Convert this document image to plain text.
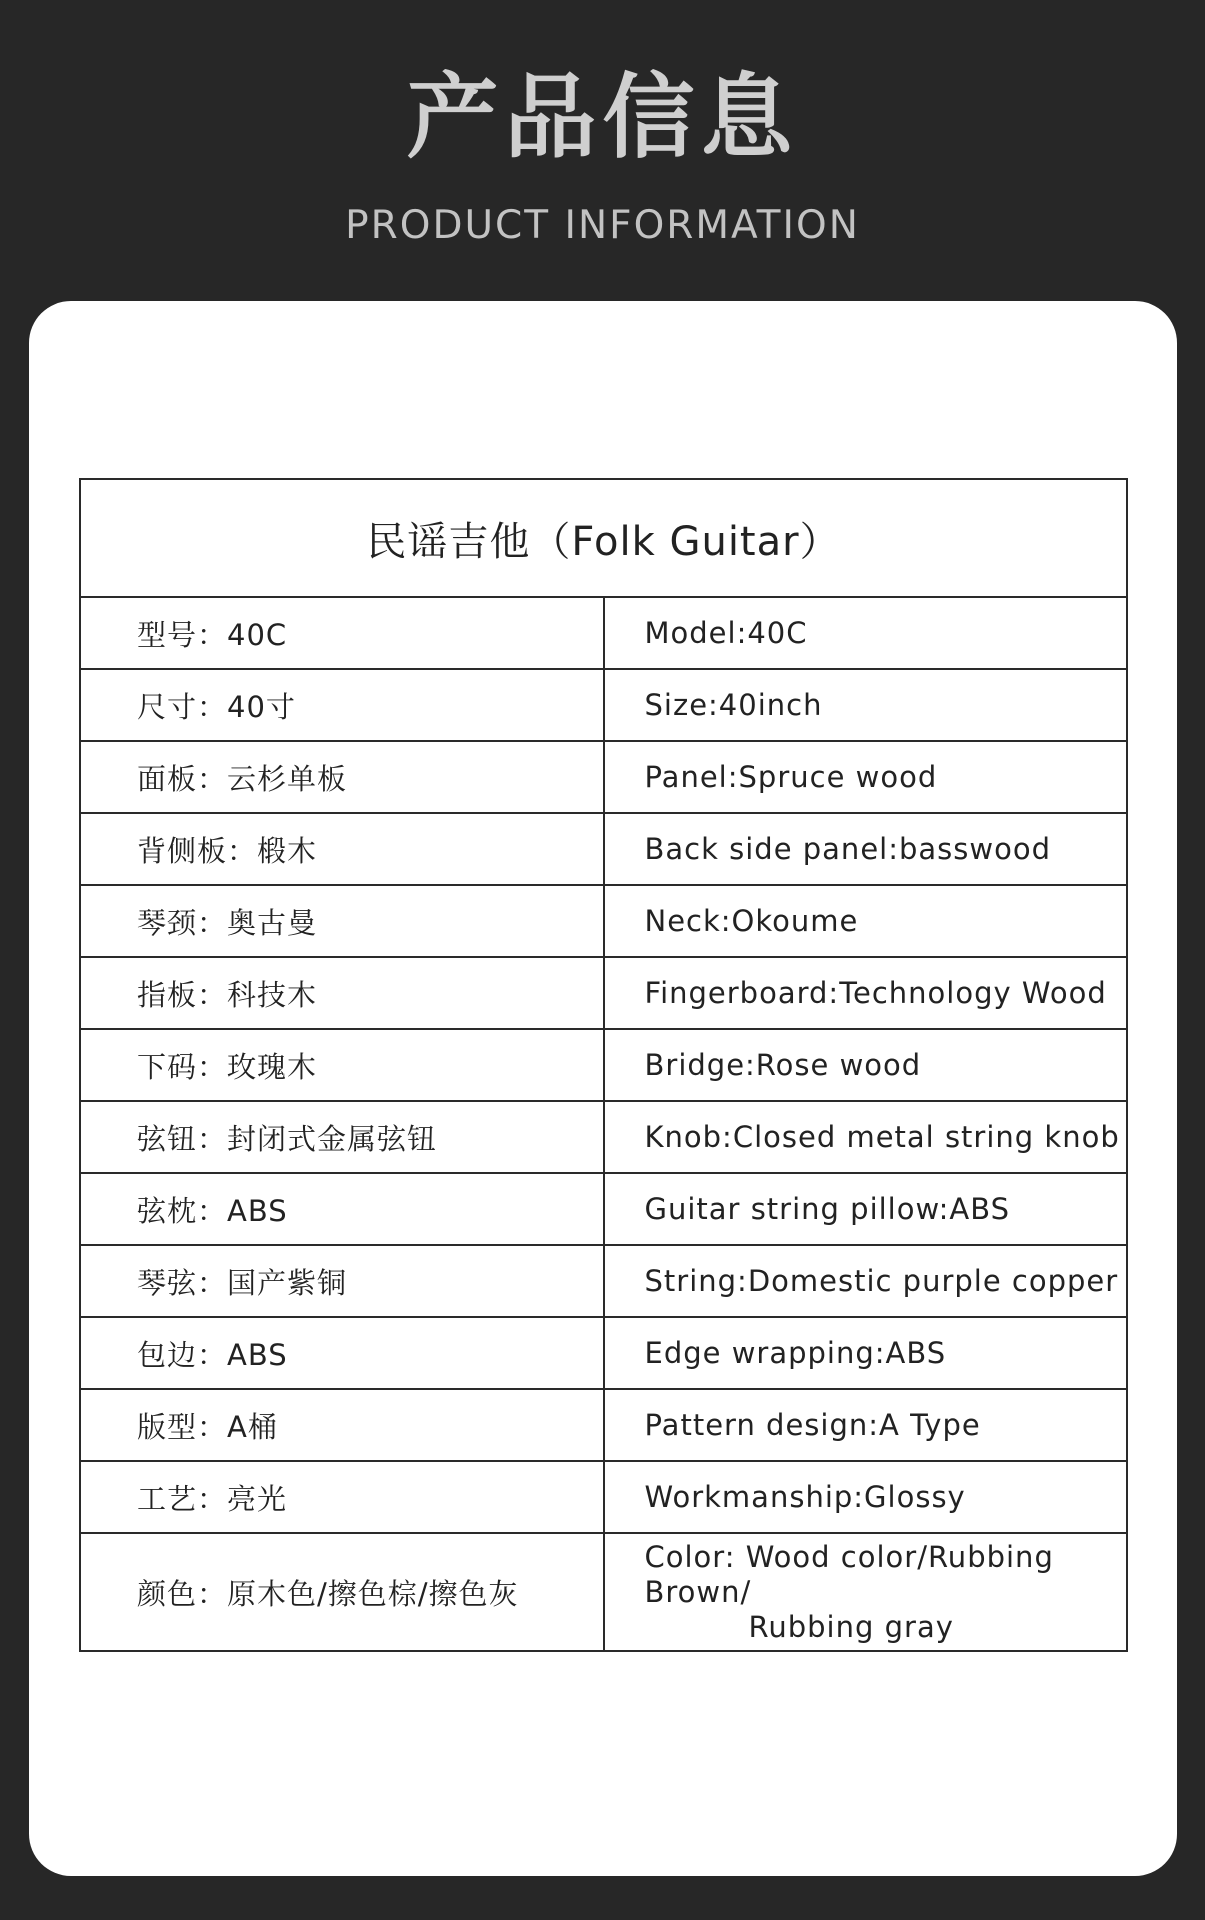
产品信息
PRODUCT INFORMATION
民谣吉他（Folk Guitar）	
型号：40C	Model:40C
尺寸：40寸	Size:40inch
面板：云杉单板	Panel:Spruce wood
背侧板：椴木	Back side panel:basswood
琴颈：奥古曼	Neck:Okoume
指板：科技木	Fingerboard:Technology Wood
下码：玫瑰木	Bridge:Rose wood
弦钮：封闭式金属弦钮	Knob:Closed metal string knob
弦枕：ABS	Guitar string pillow:ABS
琴弦：国产紫铜	String:Domestic purple copper
包边：ABS	Edge wrapping:ABS
版型：A桶	Pattern design:A Type
工艺：亮光	Workmanship:Glossy
颜色：原木色/擦色棕/擦色灰	Color: Wood color/Rubbing Brown/
Rubbing gray
